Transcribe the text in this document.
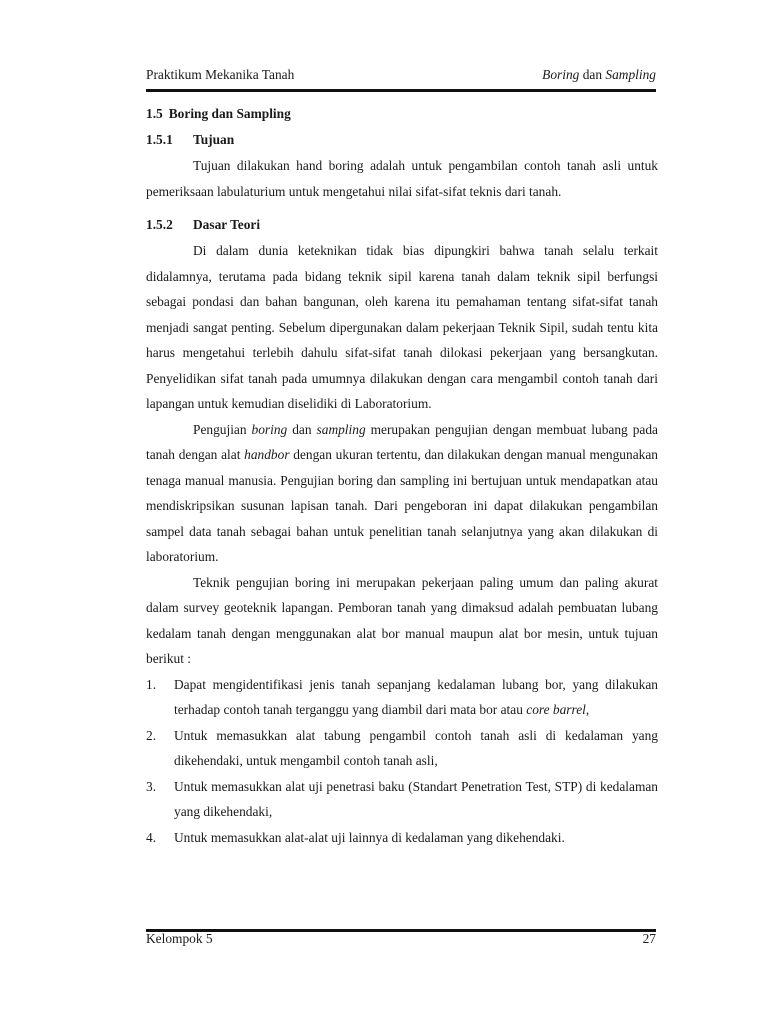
Praktikum Mekanika Tanah	Boring dan Sampling
1.5 Boring dan Sampling
1.5.1 Tujuan

Tujuan dilakukan hand boring adalah untuk pengambilan contoh tanah asli untuk pemeriksaan labulaturium untuk mengetahui nilai sifat-sifat teknis dari tanah.

1.5.2 Dasar Teori

Di dalam dunia keteknikan tidak bias dipungkiri bahwa tanah selalu terkait didalamnya, terutama pada bidang teknik sipil karena tanah dalam teknik sipil berfungsi sebagai pondasi dan bahan bangunan, oleh karena itu pemahaman tentang sifat-sifat tanah menjadi sangat penting. Sebelum dipergunakan dalam pekerjaan Teknik Sipil, sudah tentu kita harus mengetahui terlebih dahulu sifat-sifat tanah dilokasi pekerjaan yang bersangkutan. Penyelidikan sifat tanah pada umumnya dilakukan dengan cara mengambil contoh tanah dari lapangan untuk kemudian diselidiki di Laboratorium.

Pengujian boring dan sampling merupakan pengujian dengan membuat lubang pada tanah dengan alat handbor dengan ukuran tertentu, dan dilakukan dengan manual mengunakan tenaga manual manusia. Pengujian boring dan sampling ini bertujuan untuk mendapatkan atau mendiskripsikan susunan lapisan tanah. Dari pengeboran ini dapat dilakukan pengambilan sampel data tanah sebagai bahan untuk penelitian tanah selanjutnya yang akan dilakukan di laboratorium.

Teknik pengujian boring ini merupakan pekerjaan paling umum dan paling akurat dalam survey geoteknik lapangan. Pemboran tanah yang dimaksud adalah pembuatan lubang kedalam tanah dengan menggunakan alat bor manual maupun alat bor mesin, untuk tujuan berikut :

1. Dapat mengidentifikasi jenis tanah sepanjang kedalaman lubang bor, yang dilakukan terhadap contoh tanah terganggu yang diambil dari mata bor atau core barrel,
2. Untuk memasukkan alat tabung pengambil contoh tanah asli di kedalaman yang dikehendaki, untuk mengambil contoh tanah asli,
3. Untuk memasukkan alat uji penetrasi baku (Standart Penetration Test, STP) di kedalaman yang dikehendaki,
4. Untuk memasukkan alat-alat uji lainnya di kedalaman yang dikehendaki.
Kelompok 5	27
